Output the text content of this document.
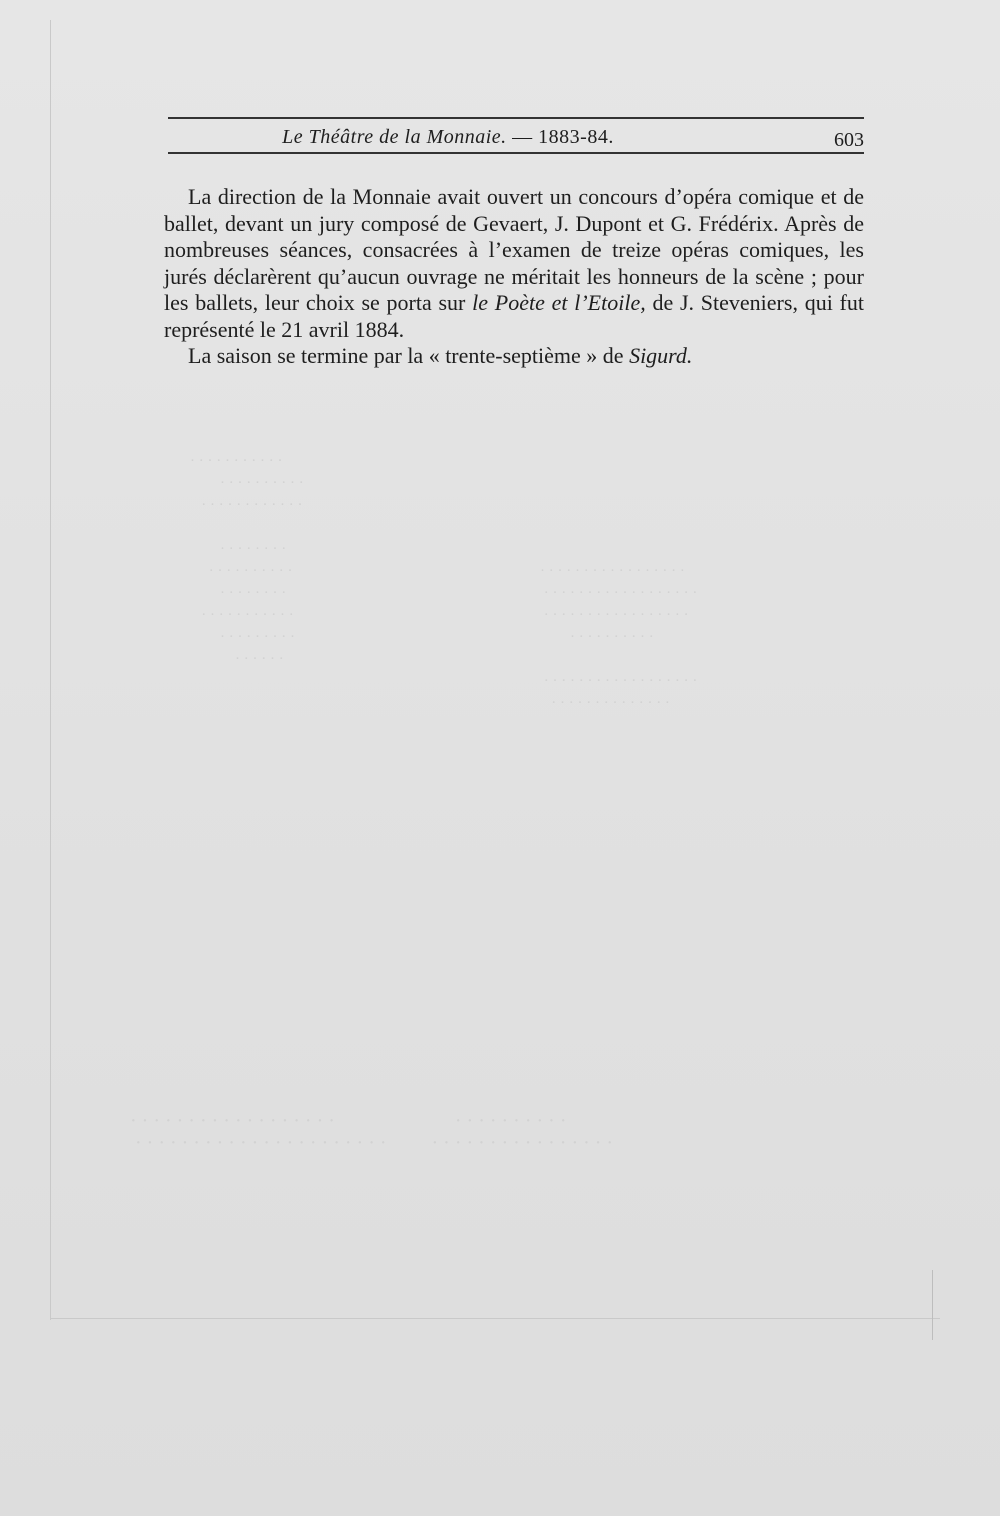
· · · · · · · · · · ·
· · · · · · · · · ·
· · · · · · · · · · · ·

· · · · · · · ·
· · · · · · · · · ·
· · · · · · · ·
· · · · · · · · · · ·
· · · · · · · · ·
· · · · · ·
· · · · · · · · · · · · · · · · ·
· · · · · · · · · · · · · · · · · ·
· · · · · · · · · · · · · · · · ·
· · · · · · · · · ·

· · · · · · · · · · · · · · · · · ·
· · · · · · · · · · · · · ·
· · · · · · · · · · · · · · · · · ·                        · · · · · · · · · ·
· · · · · · · · · · · · · · · · · · · · · ·         · · · · · · · · · · · · · · · ·
Le Théâtre de la Monnaie. — 1883-84.	603

La direction de la Monnaie avait ouvert un concours d’opéra comique et de ballet, devant un jury composé de Gevaert, J. Dupont et G. Frédérix. Après de nombreuses séances, consacrées à l’examen de treize opéras comiques, les jurés déclarèrent qu’aucun ouvrage ne méritait les honneurs de la scène ; pour les ballets, leur choix se porta sur le Poète et l’Etoile, de J. Steveniers, qui fut représenté le 21 avril 1884.

La saison se termine par la « trente-septième » de Sigurd.
